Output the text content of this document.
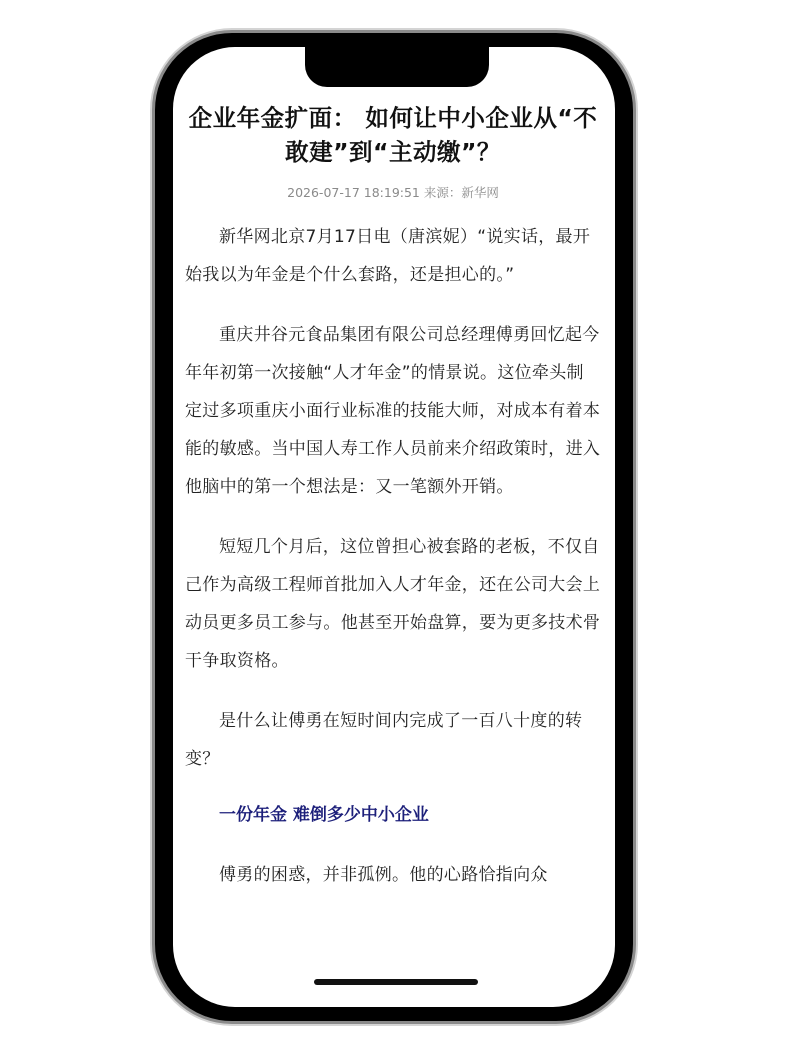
企业年金扩面： 如何让中小企业从“不敢建”到“主动缴”？
2026-07-17 18:19:51 来源：新华网

新华网北京7月17日电（唐滨妮）“说实话，最开始我以为年金是个什么套路，还是担心的。”

重庆井谷元食品集团有限公司总经理傅勇回忆起今年年初第一次接触“人才年金”的情景说。这位牵头制定过多项重庆小面行业标准的技能大师，对成本有着本能的敏感。当中国人寿工作人员前来介绍政策时，进入他脑中的第一个想法是：又一笔额外开销。

短短几个月后，这位曾担心被套路的老板，不仅自己作为高级工程师首批加入人才年金，还在公司大会上动员更多员工参与。他甚至开始盘算，要为更多技术骨干争取资格。

是什么让傅勇在短时间内完成了一百八十度的转变？

一份年金 难倒多少中小企业

傅勇的困惑，并非孤例。他的心路恰指向众
